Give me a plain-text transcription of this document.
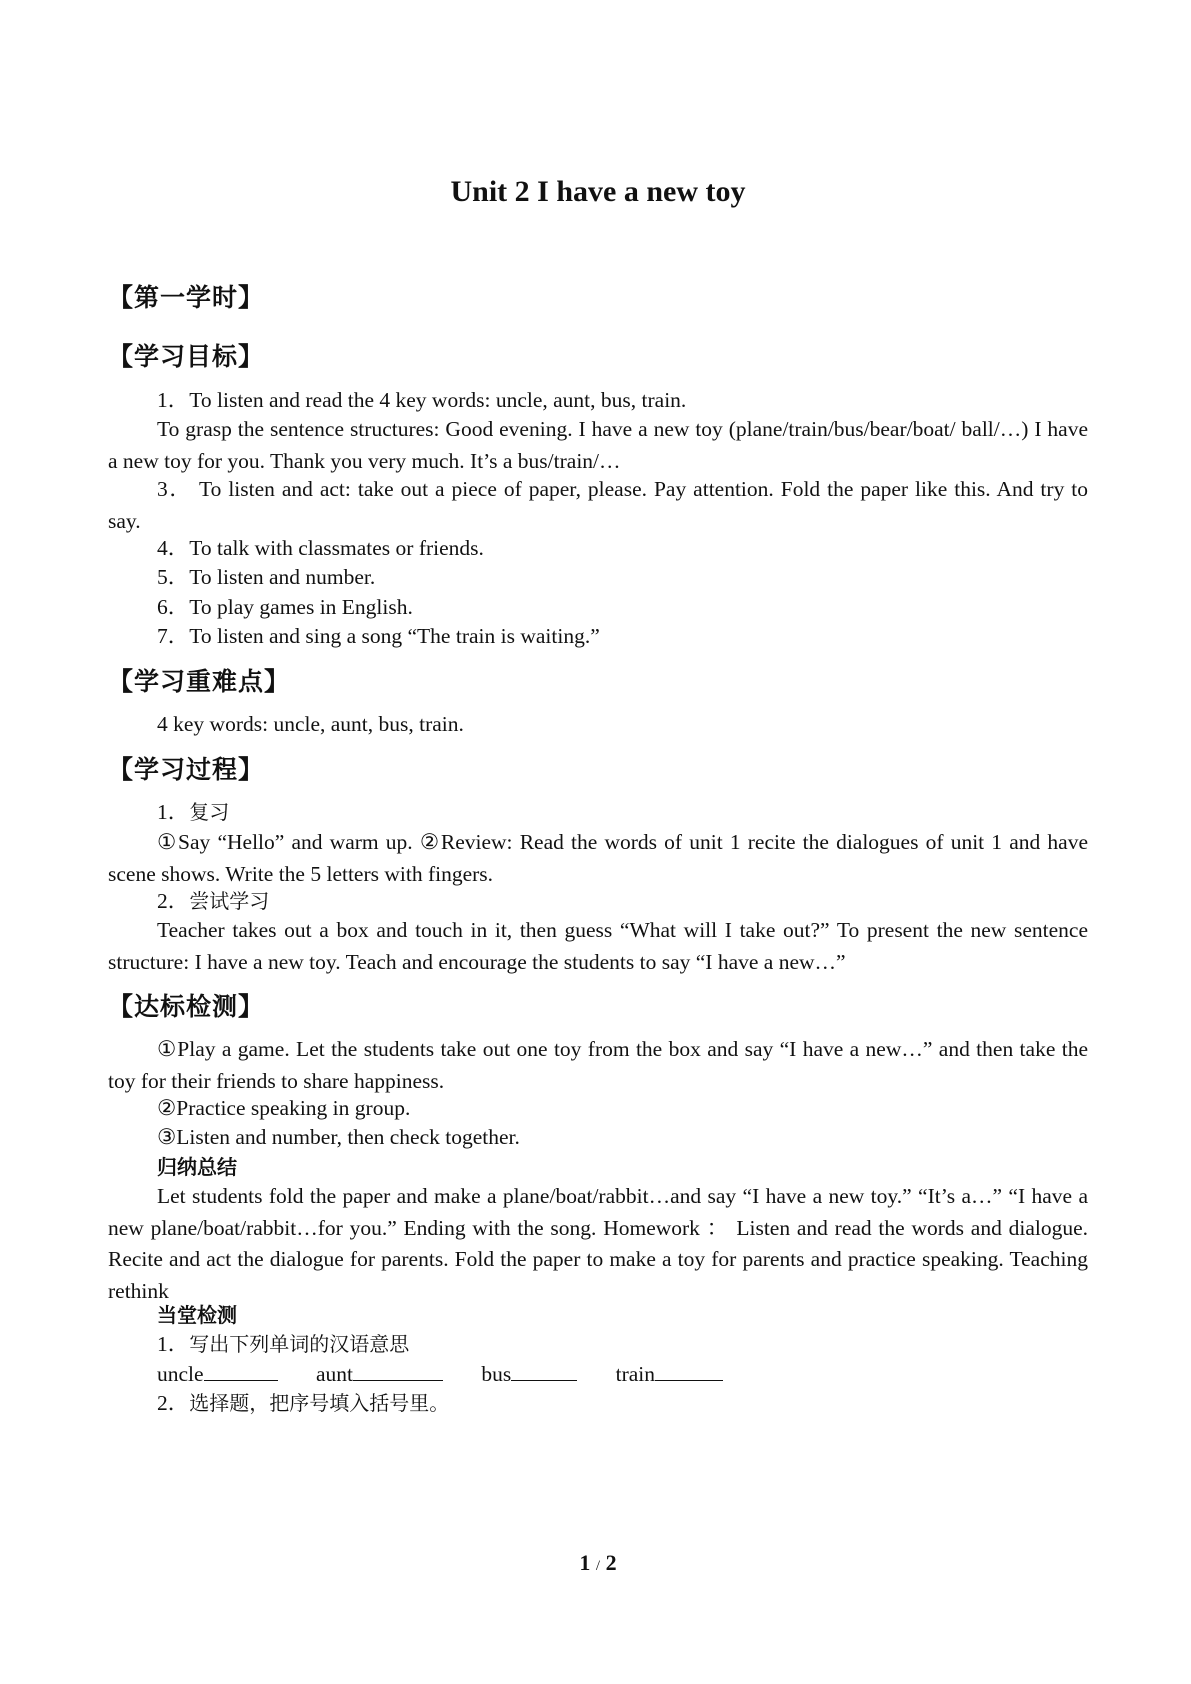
Unit 2 I have a new toy
【第一学时】
【学习目标】

1．To listen and read the 4 key words: uncle, aunt, bus, train.

To grasp the sentence structures: Good evening. I have a new toy (plane/train/bus/bear/boat/ ball/…) I have a new toy for you. Thank you very much. It’s a bus/train/…

3． To listen and act: take out a piece of paper, please. Pay attention. Fold the paper like this. And try to say.

4．To talk with classmates or friends.

5．To listen and number.

6．To play games in English.

7．To listen and sing a song “The train is waiting.”

【学习重难点】

4 key words: uncle, aunt, bus, train.

【学习过程】

1．复习

①Say “Hello” and warm up. ②Review: Read the words of unit 1 recite the dialogues of unit 1 and have scene shows. Write the 5 letters with fingers.

2．尝试学习

Teacher takes out a box and touch in it, then guess “What will I take out?” To present the new sentence structure: I have a new toy. Teach and encourage the students to say “I have a new…”

【达标检测】

①Play a game. Let the students take out one toy from the box and say “I have a new…” and then take the toy for their friends to share happiness.

②Practice speaking in group.

③Listen and number, then check together.

归纳总结

Let students fold the paper and make a plane/boat/rabbit…and say “I have a new toy.” “It’s a…” “I have a new plane/boat/rabbit…for you.” Ending with the song. Homework ： Listen and read the words and dialogue. Recite and act the dialogue for parents. Fold the paper to make a toy for parents and practice speaking. Teaching rethink

当堂检测

1．写出下列单词的汉语意思

uncle	aunt	bus	train

2．选择题，把序号填入括号里。

1 / 2
